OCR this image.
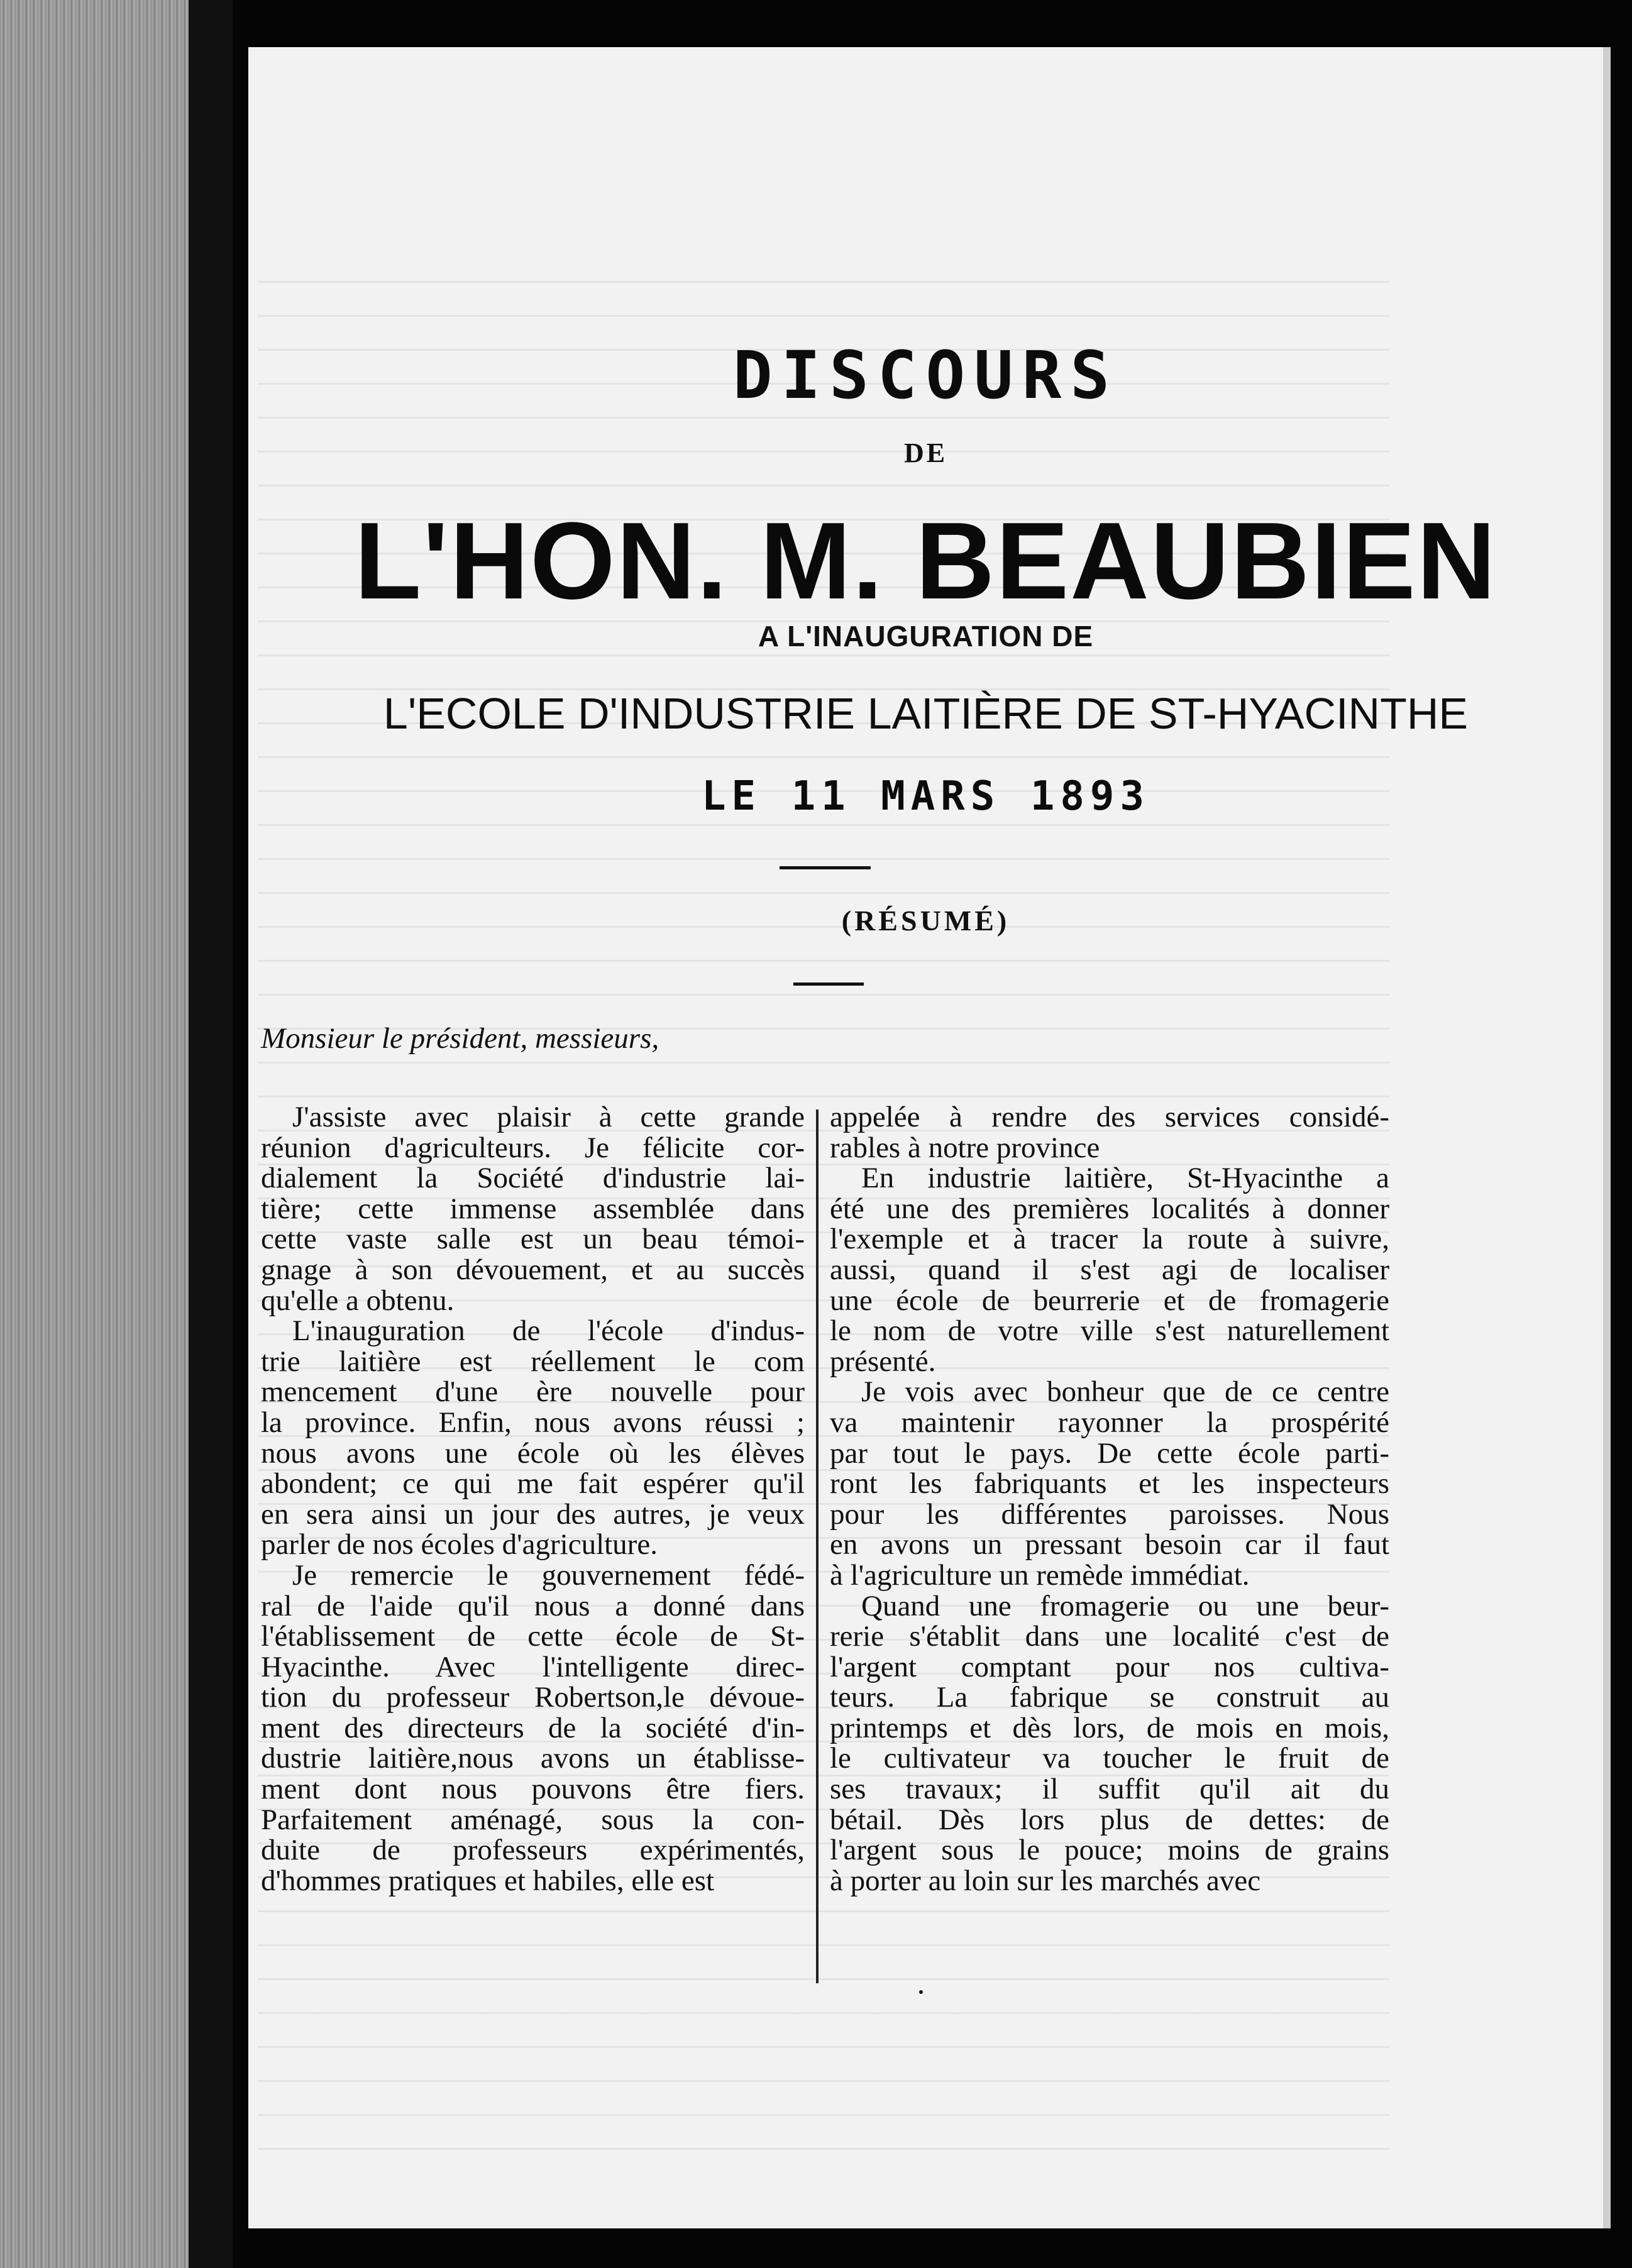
DISCOURS
DE
L'HON. M. BEAUBIEN
A L'INAUGURATION DE
L'ECOLE D'INDUSTRIE LAITIÈRE DE ST-HYACINTHE
LE 11 MARS 1893
(RÉSUMÉ)
Monsieur le président, messieurs,
J'assiste avec plaisir à cette grande
réunion d'agriculteurs. Je félicite cor-
dialement la Société d'industrie lai-
tière; cette immense assemblée dans
cette vaste salle est un beau témoi-
gnage à son dévouement, et au succès
qu'elle a obtenu.
L'inauguration de l'école d'indus-
trie laitière est réellement le com
mencement d'une ère nouvelle pour
la province. Enfin, nous avons réussi ;
nous avons une école où les élèves
abondent; ce qui me fait espérer qu'il
en sera ainsi un jour des autres, je veux
parler de nos écoles d'agriculture.
Je remercie le gouvernement fédé-
ral de l'aide qu'il nous a donné dans
l'établissement de cette école de St-
Hyacinthe. Avec l'intelligente direc-
tion du professeur Robertson,le dévoue-
ment des directeurs de la société d'in-
dustrie laitière,nous avons un établisse-
ment dont nous pouvons être fiers.
Parfaitement aménagé, sous la con-
duite de professeurs expérimentés,
d'hommes pratiques et habiles, elle est
appelée à rendre des services considé-
rables à notre province
En industrie laitière, St-Hyacinthe a
été une des premières localités à donner
l'exemple et à tracer la route à suivre,
aussi, quand il s'est agi de localiser
une école de beurrerie et de fromagerie
le nom de votre ville s'est naturellement
présenté.
Je vois avec bonheur que de ce centre
va maintenir rayonner la prospérité
par tout le pays. De cette école parti-
ront les fabriquants et les inspecteurs
pour les différentes paroisses. Nous
en avons un pressant besoin car il faut
à l'agriculture un remède immédiat.
Quand une fromagerie ou une beur-
rerie s'établit dans une localité c'est de
l'argent comptant pour nos cultiva-
teurs. La fabrique se construit au
printemps et dès lors, de mois en mois,
le cultivateur va toucher le fruit de
ses travaux; il suffit qu'il ait du
bétail. Dès lors plus de dettes: de
l'argent sous le pouce; moins de grains
à porter au loin sur les marchés avec
